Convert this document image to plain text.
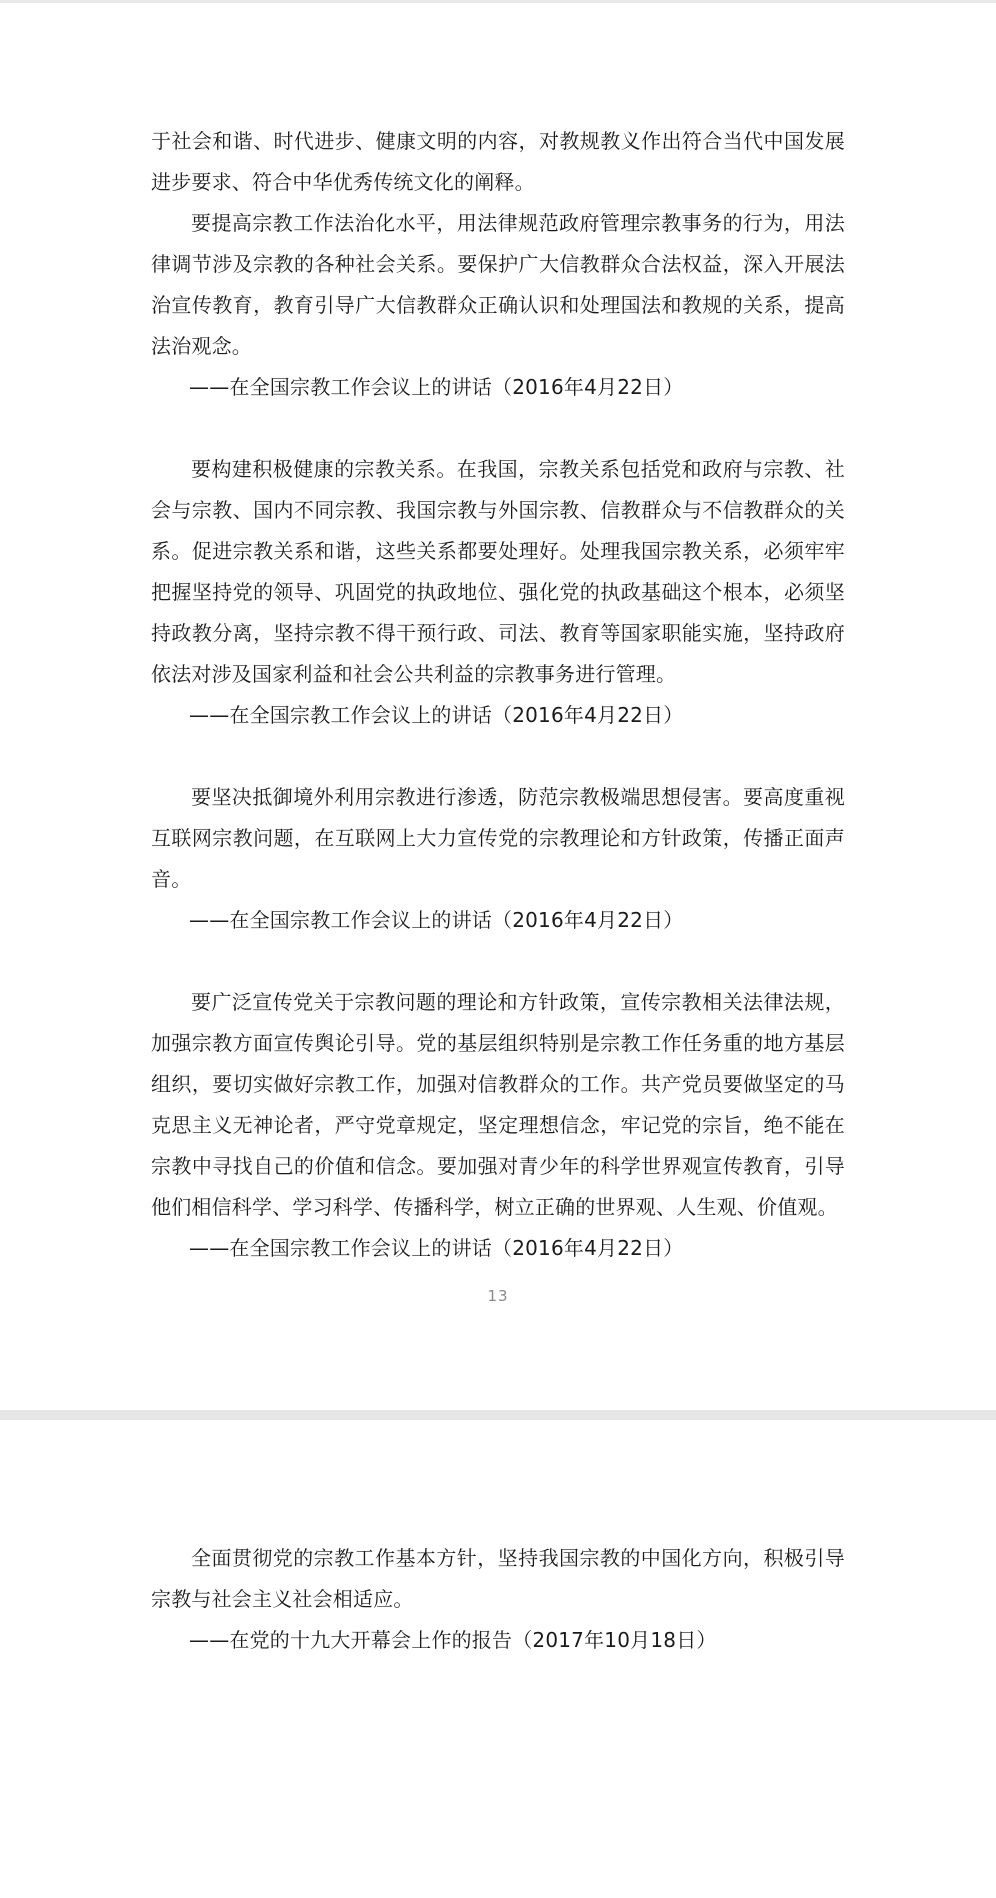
于社会和谐、时代进步、健康文明的内容，对教规教义作出符合当代中国发展进步要求、符合中华优秀传统文化的阐释。

要提高宗教工作法治化水平，用法律规范政府管理宗教事务的行为，用法律调节涉及宗教的各种社会关系。要保护广大信教群众合法权益，深入开展法治宣传教育，教育引导广大信教群众正确认识和处理国法和教规的关系，提高法治观念。

——在全国宗教工作会议上的讲话（2016年4月22日）

要构建积极健康的宗教关系。在我国，宗教关系包括党和政府与宗教、社会与宗教、国内不同宗教、我国宗教与外国宗教、信教群众与不信教群众的关系。促进宗教关系和谐，这些关系都要处理好。处理我国宗教关系，必须牢牢把握坚持党的领导、巩固党的执政地位、强化党的执政基础这个根本，必须坚持政教分离，坚持宗教不得干预行政、司法、教育等国家职能实施，坚持政府依法对涉及国家利益和社会公共利益的宗教事务进行管理。

——在全国宗教工作会议上的讲话（2016年4月22日）

要坚决抵御境外利用宗教进行渗透，防范宗教极端思想侵害。要高度重视互联网宗教问题，在互联网上大力宣传党的宗教理论和方针政策，传播正面声音。

——在全国宗教工作会议上的讲话（2016年4月22日）

要广泛宣传党关于宗教问题的理论和方针政策，宣传宗教相关法律法规，加强宗教方面宣传舆论引导。党的基层组织特别是宗教工作任务重的地方基层组织，要切实做好宗教工作，加强对信教群众的工作。共产党员要做坚定的马克思主义无神论者，严守党章规定，坚定理想信念，牢记党的宗旨，绝不能在宗教中寻找自己的价值和信念。要加强对青少年的科学世界观宣传教育，引导他们相信科学、学习科学、传播科学，树立正确的世界观、人生观、价值观。

——在全国宗教工作会议上的讲话（2016年4月22日）

13

全面贯彻党的宗教工作基本方针，坚持我国宗教的中国化方向，积极引导宗教与社会主义社会相适应。

——在党的十九大开幕会上作的报告（2017年10月18日）
